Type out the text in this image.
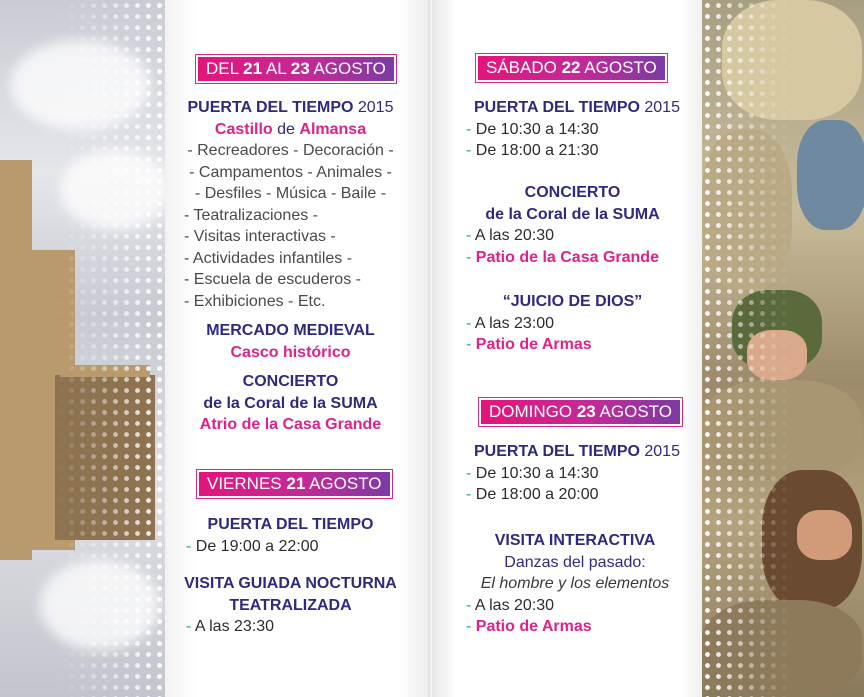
DEL 21 AL 23 AGOSTO
PUERTA DEL TIEMPO 2015
Castillo de Almansa
- Recreadores - Decoración -
- Campamentos - Animales -
- Desfiles - Música - Baile -
- Teatralizaciones -
- Visitas interactivas -
- Actividades infantiles -
- Escuela de escuderos -
- Exhibiciones - Etc.
MERCADO MEDIEVAL
Casco histórico
CONCIERTO
de la Coral de la SUMA
Atrio de la Casa Grande
VIERNES 21 AGOSTO
PUERTA DEL TIEMPO
- De 19:00 a 22:00
VISITA GUIADA NOCTURNA
TEATRALIZADA
- A las 23:30
SÁBADO 22 AGOSTO
PUERTA DEL TIEMPO 2015
- De 10:30 a 14:30
- De 18:00 a 21:30
CONCIERTO
de la Coral de la SUMA
- A las 20:30
- Patio de la Casa Grande
“JUICIO DE DIOS”
- A las 23:00
- Patio de Armas
DOMINGO 23 AGOSTO
PUERTA DEL TIEMPO 2015
- De 10:30 a 14:30
- De 18:00 a 20:00
VISITA INTERACTIVA
Danzas del pasado:
El hombre y los elementos
- A las 20:30
- Patio de Armas
